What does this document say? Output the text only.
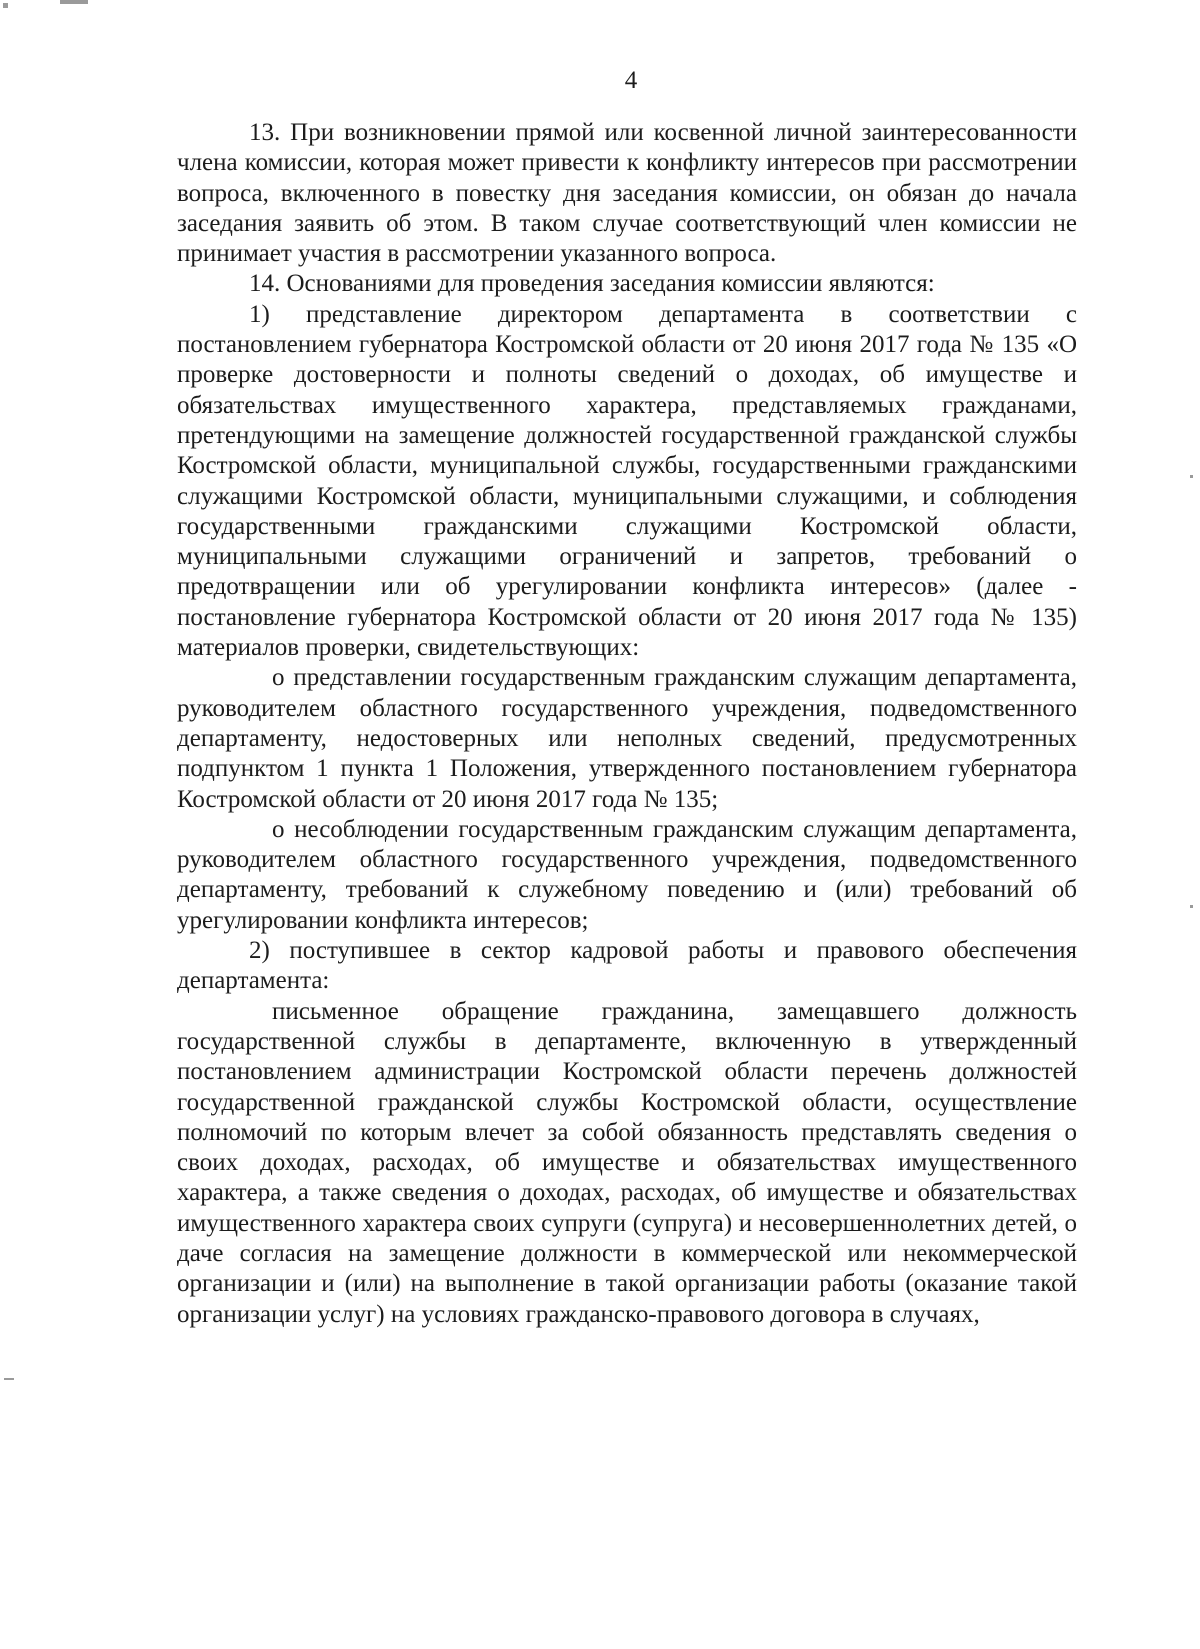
4

13. При возникновении прямой или косвенной личной заинтересованности члена комиссии, которая может привести к конфликту интересов при рассмотрении вопроса, включенного в повестку дня заседания комиссии, он обязан до начала заседания заявить об этом. В таком случае соответствующий член комиссии не принимает участия в рассмотрении указанного вопроса.

14. Основаниями для проведения заседания комиссии являются:

1) представление директором департамента в соответствии с постановлением губернатора Костромской области от 20 июня 2017 года № 135 «О проверке достоверности и полноты сведений о доходах, об имуществе и обязательствах имущественного характера, представляемых гражданами, претендующими на замещение должностей государственной гражданской службы Костромской области, муниципальной службы, государственными гражданскими служащими Костромской области, муниципальными служащими, и соблюдения государственными гражданскими служащими Костромской области, муниципальными служащими ограничений и запретов, требований о предотвращении или об урегулировании конфликта интересов» (далее - постановление губернатора Костромской области от 20 июня 2017 года № 135) материалов проверки, свидетельствующих:

о представлении государственным гражданским служащим департамента, руководителем областного государственного учреждения, подведомственного департаменту, недостоверных или неполных сведений, предусмотренных подпунктом 1 пункта 1 Положения, утвержденного постановлением губернатора Костромской области от 20 июня 2017 года № 135;

о несоблюдении государственным гражданским служащим департамента, руководителем областного государственного учреждения, подведомственного департаменту, требований к служебному поведению и (или) требований об урегулировании конфликта интересов;

2) поступившее в сектор кадровой работы и правового обеспечения департамента:

письменное обращение гражданина, замещавшего должность государственной службы в департаменте, включенную в утвержденный постановлением администрации Костромской области перечень должностей государственной гражданской службы Костромской области, осуществление полномочий по которым влечет за собой обязанность представлять сведения о своих доходах, расходах, об имуществе и обязательствах имущественного характера, а также сведения о доходах, расходах, об имуществе и обязательствах имущественного характера своих супруги (супруга) и несовершеннолетних детей, о даче согласия на замещение должности в коммерческой или некоммерческой организации и (или) на выполнение в такой организации работы (оказание такой организации услуг) на условиях гражданско-правового договора в случаях,
